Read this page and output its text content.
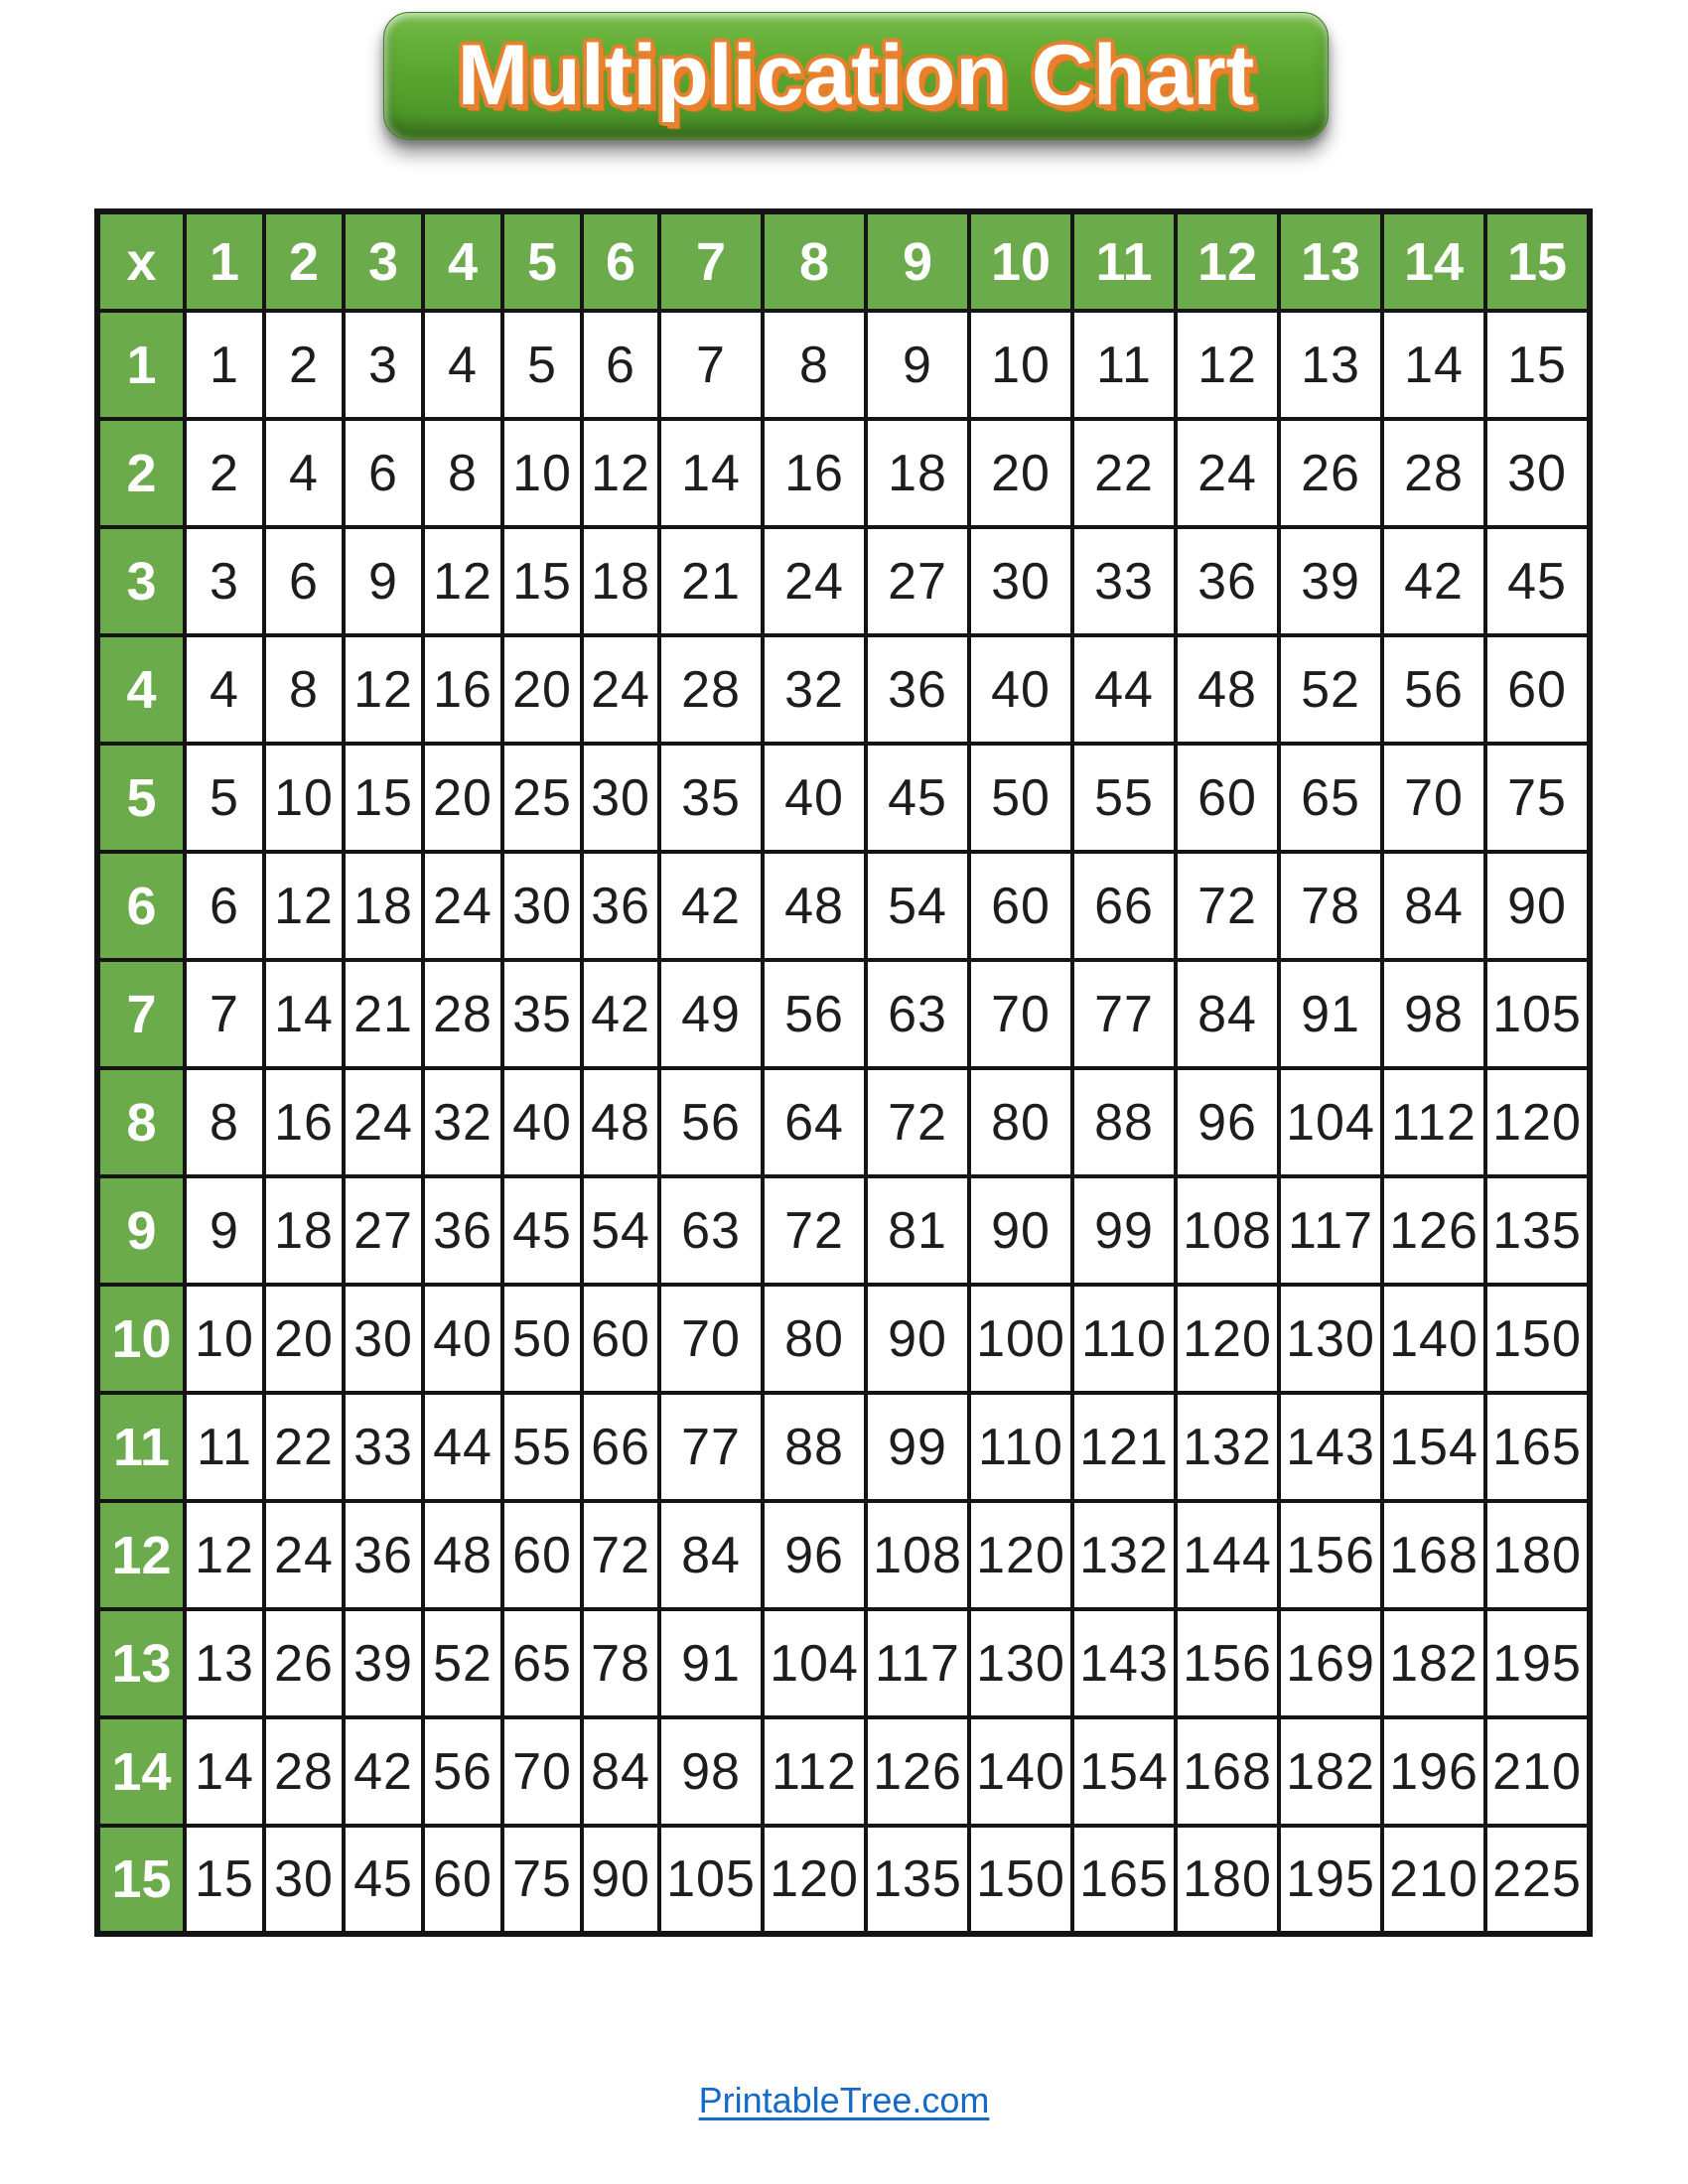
Multiplication Chart
x	1	2	3	4	5	6	7	8	9	10	11	12	13	14	15
1	1	2	3	4	5	6	7	8	9	10	11	12	13	14	15
2	2	4	6	8	10	12	14	16	18	20	22	24	26	28	30
3	3	6	9	12	15	18	21	24	27	30	33	36	39	42	45
4	4	8	12	16	20	24	28	32	36	40	44	48	52	56	60
5	5	10	15	20	25	30	35	40	45	50	55	60	65	70	75
6	6	12	18	24	30	36	42	48	54	60	66	72	78	84	90
7	7	14	21	28	35	42	49	56	63	70	77	84	91	98	105
8	8	16	24	32	40	48	56	64	72	80	88	96	104	112	120
9	9	18	27	36	45	54	63	72	81	90	99	108	117	126	135
10	10	20	30	40	50	60	70	80	90	100	110	120	130	140	150
11	11	22	33	44	55	66	77	88	99	110	121	132	143	154	165
12	12	24	36	48	60	72	84	96	108	120	132	144	156	168	180
13	13	26	39	52	65	78	91	104	117	130	143	156	169	182	195
14	14	28	42	56	70	84	98	112	126	140	154	168	182	196	210
15	15	30	45	60	75	90	105	120	135	150	165	180	195	210	225
PrintableTree.com
